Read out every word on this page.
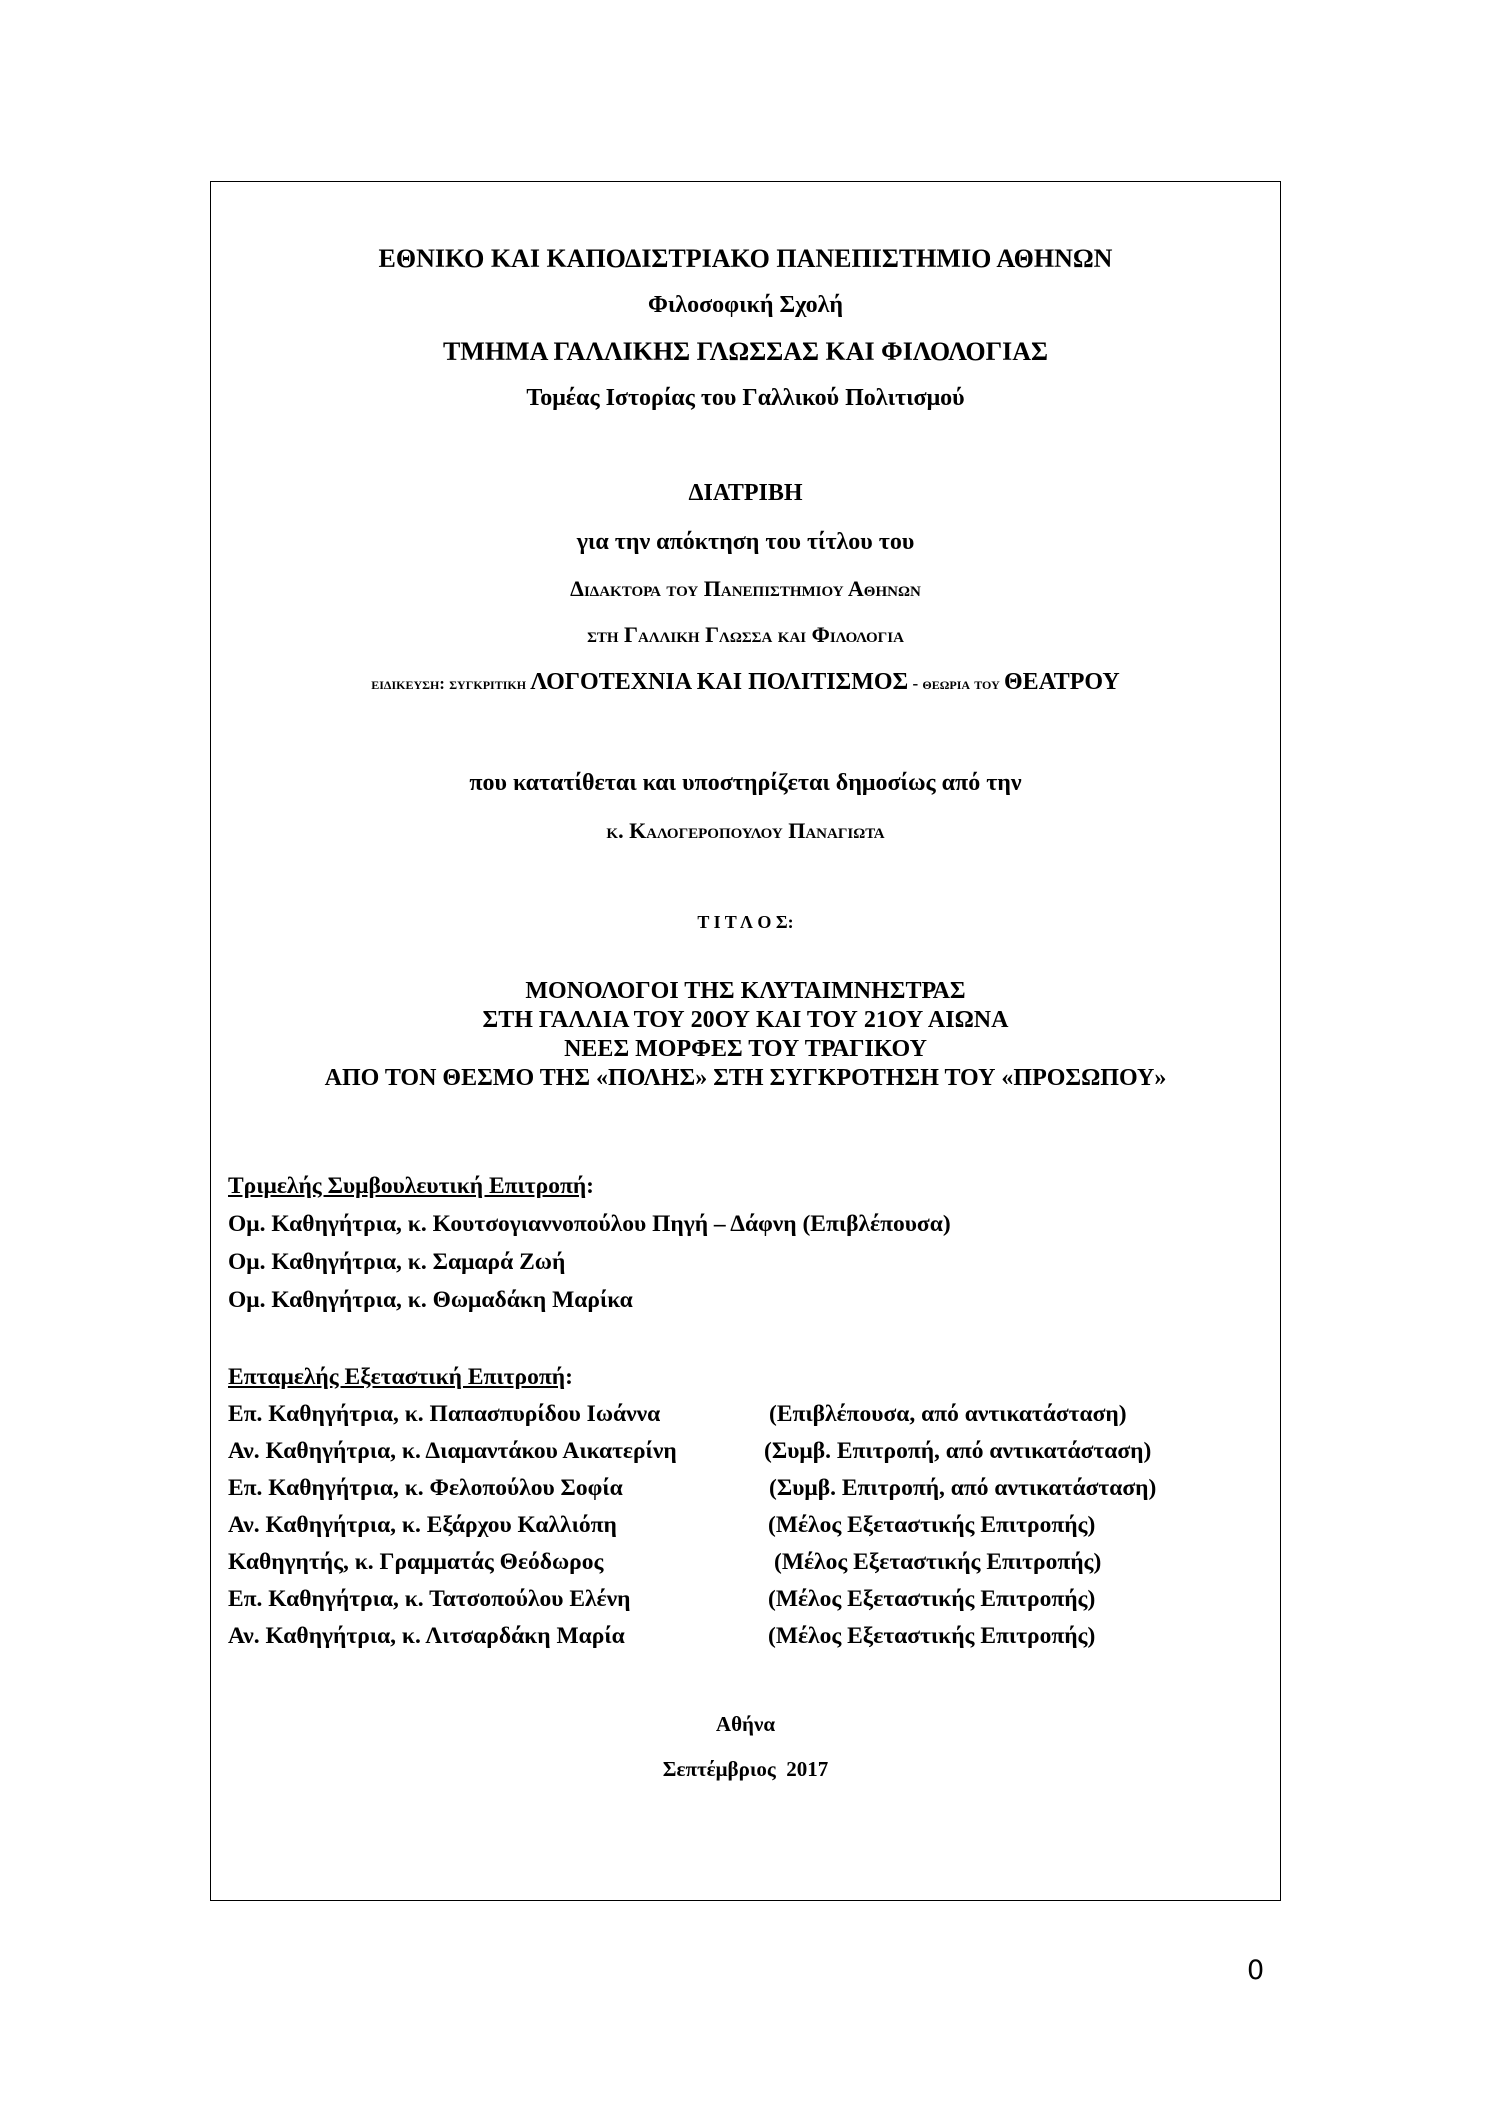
ΕΘΝΙΚΟ ΚΑΙ ΚΑΠΟΔΙΣΤΡΙΑΚΟ ΠΑΝΕΠΙΣΤΗΜΙΟ ΑΘΗΝΩΝ
Φιλοσοφική Σχολή
ΤΜΗΜΑ ΓΑΛΛΙΚΗΣ ΓΛΩΣΣΑΣ ΚΑΙ ΦΙΛΟΛΟΓΙΑΣ
Τομέας Ιστορίας του Γαλλικού Πολιτισμού
ΔΙΑΤΡΙΒΗ
για την απόκτηση του τίτλου του
Διδακτορα του Πανεπιστημιου Αθηνων
στη Γαλλικη Γλωσσα και Φιλολογια
ειδικευση: συγκριτικη ΛΟΓΟΤΕΧΝΙΑ ΚΑΙ ΠΟΛΙΤΙΣΜΟΣ - θεωρια του ΘΕΑΤΡΟΥ
που κατατίθεται και υποστηρίζεται δημοσίως από την
κ. Καλογεροπουλου Παναγιωτα
Τ Ι Τ Λ Ο Σ:
ΜΟΝΟΛΟΓΟΙ ΤΗΣ ΚΛΥΤΑΙΜΝΗΣΤΡΑΣ
ΣΤΗ ΓΑΛΛΙΑ ΤΟΥ 20ΟΥ ΚΑΙ ΤΟΥ 21ΟΥ ΑΙΩΝΑ
ΝΕΕΣ ΜΟΡΦΕΣ ΤΟΥ ΤΡΑΓΙΚΟΥ
ΑΠΟ ΤΟΝ ΘΕΣΜΟ ΤΗΣ «ΠΟΛΗΣ» ΣΤΗ ΣΥΓΚΡΟΤΗΣΗ ΤΟΥ «ΠΡΟΣΩΠΟΥ»
Τριμελής Συμβουλευτική Επιτροπή:
Ομ. Καθηγήτρια, κ. Κουτσογιαννοπούλου Πηγή – Δάφνη (Επιβλέπουσα)
Ομ. Καθηγήτρια, κ. Σαμαρά Ζωή
Ομ. Καθηγήτρια, κ. Θωμαδάκη Μαρίκα
Επταμελής Εξεταστική Επιτροπή:
Επ. Καθηγήτρια, κ. Παπασπυρίδου Ιωάννα	(Επιβλέπουσα, από αντικατάσταση)
Αν. Καθηγήτρια, κ. Διαμαντάκου Αικατερίνη	(Συμβ. Επιτροπή, από αντικατάσταση)
Επ. Καθηγήτρια, κ. Φελοπούλου Σοφία	(Συμβ. Επιτροπή, από αντικατάσταση)
Αν. Καθηγήτρια, κ. Εξάρχου Καλλιόπη	(Μέλος Εξεταστικής Επιτροπής)
Καθηγητής, κ. Γραμματάς Θεόδωρος	(Μέλος Εξεταστικής Επιτροπής)
Επ. Καθηγήτρια, κ. Τατσοπούλου Ελένη	(Μέλος Εξεταστικής Επιτροπής)
Αν. Καθηγήτρια, κ. Λιτσαρδάκη Μαρία	(Μέλος Εξεταστικής Επιτροπής)
Αθήνα
Σεπτέμβριος  2017
0
